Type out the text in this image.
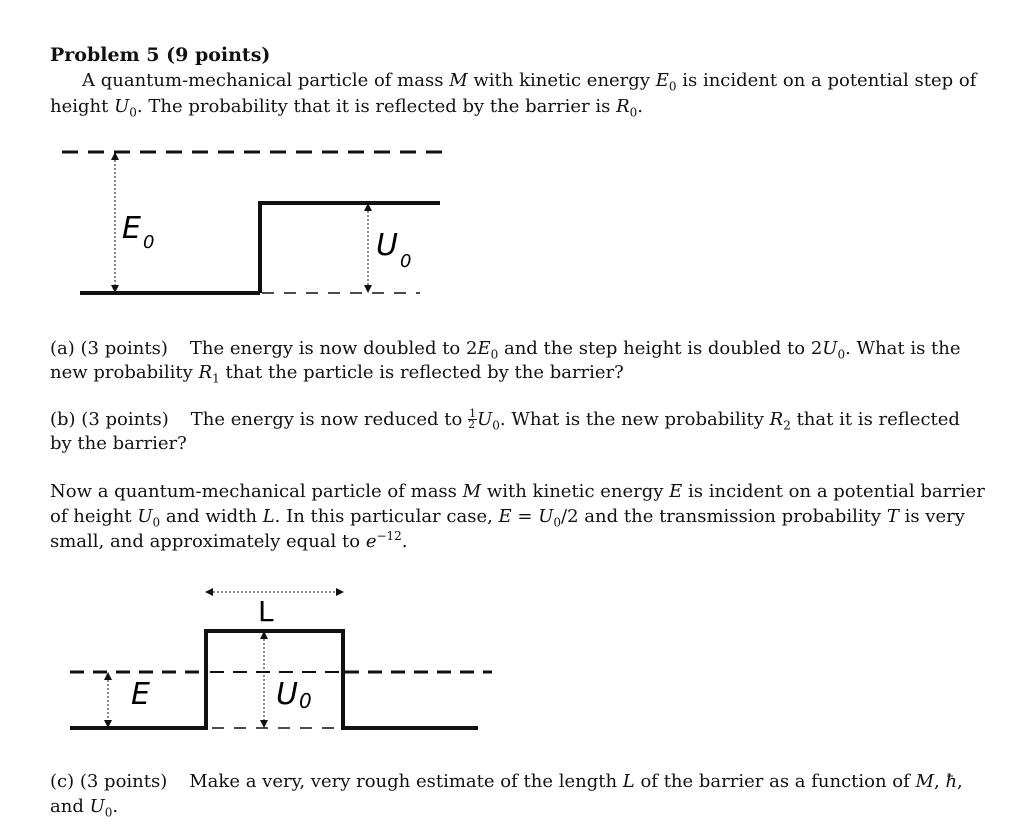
Problem 5 (9 points)
A quantum-mechanical particle of mass M with kinetic energy $E_0$ is incident on a potential step of
height $U_0$. The probability that it is reflected by the barrier is $R_0$.
E $_0$	U $_0$
L
E	U0
(a) (3 points) The energy is now doubled to $2E_0$ and the step height is doubled to $2U_0$. What is the
new probability $R_1$ that the particle is reflected by the barrier?
(b) (3 points) The energy is now reduced to $\frac{1}{2} U_0$. What is the new probability $R_2$ that it is reflected
by the barrier?
Now a quantum-mechanical particle of mass M with kinetic energy E is incident on a potential barrier
of height $U_0$ and width L. In this particular case, $E = U_0/2$ and the transmission probability T is very
small, and approximately equal to $e^{-12}$.
(c) (3 points) Make a very, very rough estimate of the length L of the barrier as a function of M, ħ,
and $U_0$.
